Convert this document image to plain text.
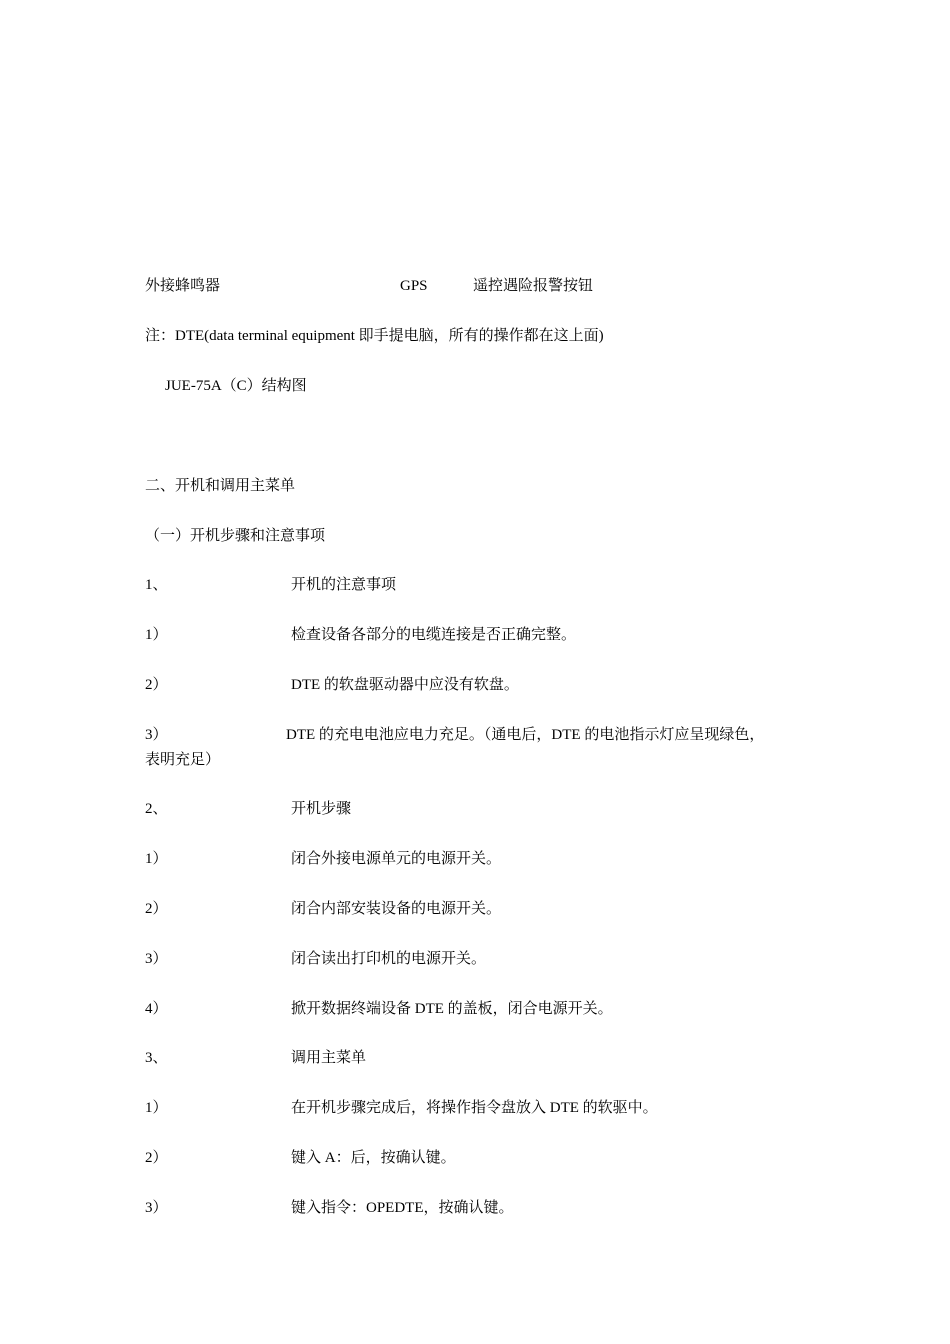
外接蜂鸣器	GPS	遥控遇险报警按钮
注：DTE(data terminal equipment 即手提电脑，所有的操作都在这上面)
JUE-75A（C）结构图
二、开机和调用主菜单
（一）开机步骤和注意事项
1、	开机的注意事项
1）	检查设备各部分的电缆连接是否正确完整。
2）	DTE 的软盘驱动器中应没有软盘。
3）	DTE 的充电电池应电力充足。（通电后，DTE 的电池指示灯应呈现绿色，
表明充足）
2、	开机步骤
1）	闭合外接电源单元的电源开关。
2）	闭合内部安装设备的电源开关。
3）	闭合读出打印机的电源开关。
4）	掀开数据终端设备 DTE 的盖板，闭合电源开关。
3、	调用主菜单
1）	在开机步骤完成后，将操作指令盘放入 DTE 的软驱中。
2）	键入 A：后，按确认键。
3）	键入指令：OPEDTE，按确认键。
